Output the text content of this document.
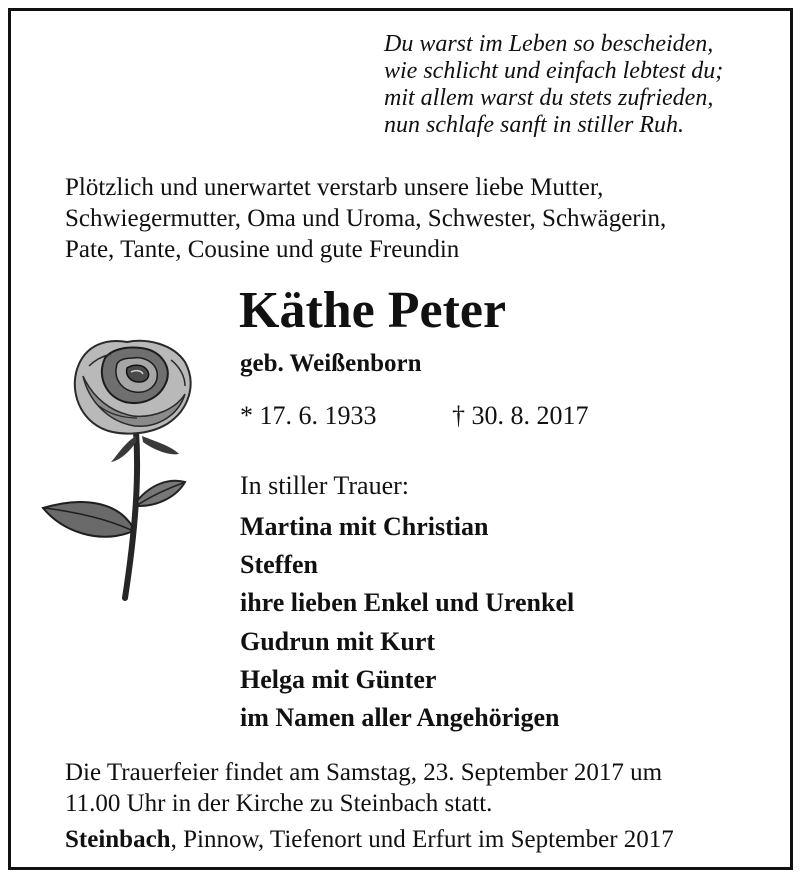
Du warst im Leben so bescheiden,
wie schlicht und einfach lebtest du;
mit allem warst du stets zufrieden,
nun schlafe sanft in stiller Ruh.
Plötzlich und unerwartet verstarb unsere liebe Mutter,
Schwiegermutter, Oma und Uroma, Schwester, Schwägerin,
Pate, Tante, Cousine und gute Freundin
Käthe Peter
geb. Weißenborn
* 17. 6. 1933	† 30. 8. 2017
In stiller Trauer:
Martina mit Christian
Steffen
ihre lieben Enkel und Urenkel
Gudrun mit Kurt
Helga mit Günter
im Namen aller Angehörigen
Die Trauerfeier findet am Samstag, 23. September 2017 um
11.00 Uhr in der Kirche zu Steinbach statt.
Steinbach, Pinnow, Tiefenort und Erfurt im September 2017
